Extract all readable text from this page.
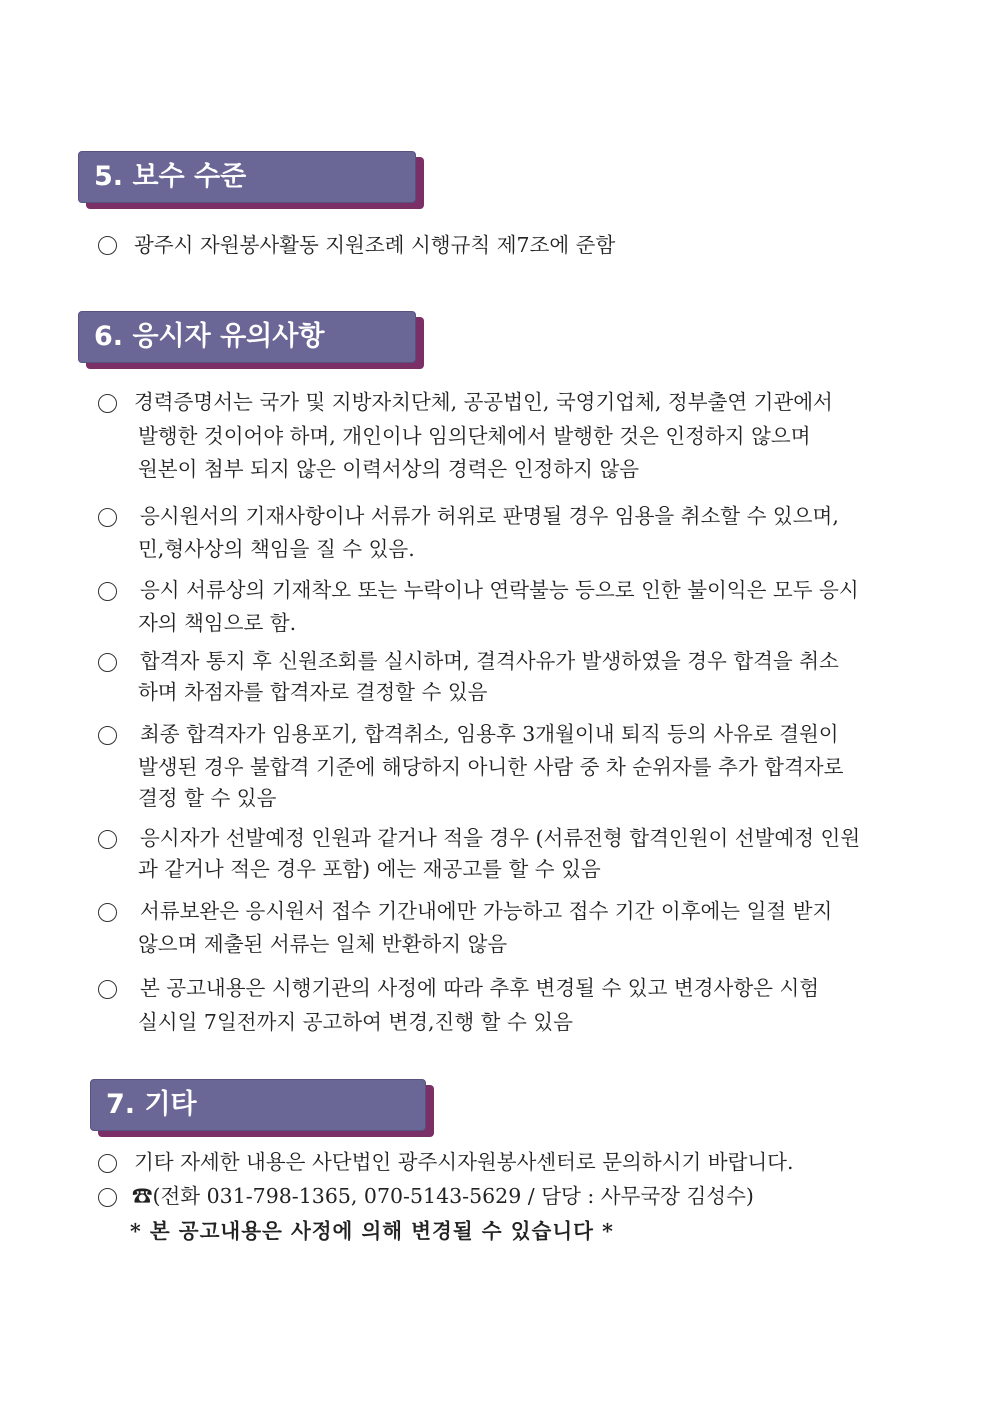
5. 보수 수준
광주시 자원봉사활동 지원조례 시행규칙 제7조에 준함
6. 응시자 유의사항
경력증명서는 국가 및 지방자치단체, 공공법인, 국영기업체, 정부출연 기관에서
발행한 것이어야 하며, 개인이나 임의단체에서 발행한 것은 인정하지 않으며
원본이 첨부 되지 않은 이력서상의 경력은 인정하지 않음
응시원서의 기재사항이나 서류가 허위로 판명될 경우 임용을 취소할 수 있으며,
민,형사상의 책임을 질 수 있음.
응시 서류상의 기재착오 또는 누락이나 연락불능 등으로 인한 불이익은 모두 응시
자의 책임으로 함.
합격자 통지 후 신원조회를 실시하며, 결격사유가 발생하였을 경우 합격을 취소
하며 차점자를 합격자로 결정할 수 있음
최종 합격자가 임용포기, 합격취소, 임용후 3개월이내 퇴직 등의 사유로 결원이
발생된 경우 불합격 기준에 해당하지 아니한 사람 중 차 순위자를 추가 합격자로
결정 할 수 있음
응시자가 선발예정 인원과 같거나 적을 경우 (서류전형 합격인원이 선발예정 인원
과 같거나 적은 경우 포함) 에는 재공고를 할 수 있음
서류보완은 응시원서 접수 기간내에만 가능하고 접수 기간 이후에는 일절 받지
않으며 제출된 서류는 일체 반환하지 않음
본 공고내용은 시행기관의 사정에 따라 추후 변경될 수 있고 변경사항은 시험
실시일 7일전까지 공고하여 변경,진행 할 수 있음
7. 기타
기타 자세한 내용은 사단법인 광주시자원봉사센터로 문의하시기 바랍니다.
☎(전화 031-798-1365, 070-5143-5629 / 담당 : 사무국장 김성수)
* 본 공고내용은 사정에 의해 변경될 수 있습니다 *
